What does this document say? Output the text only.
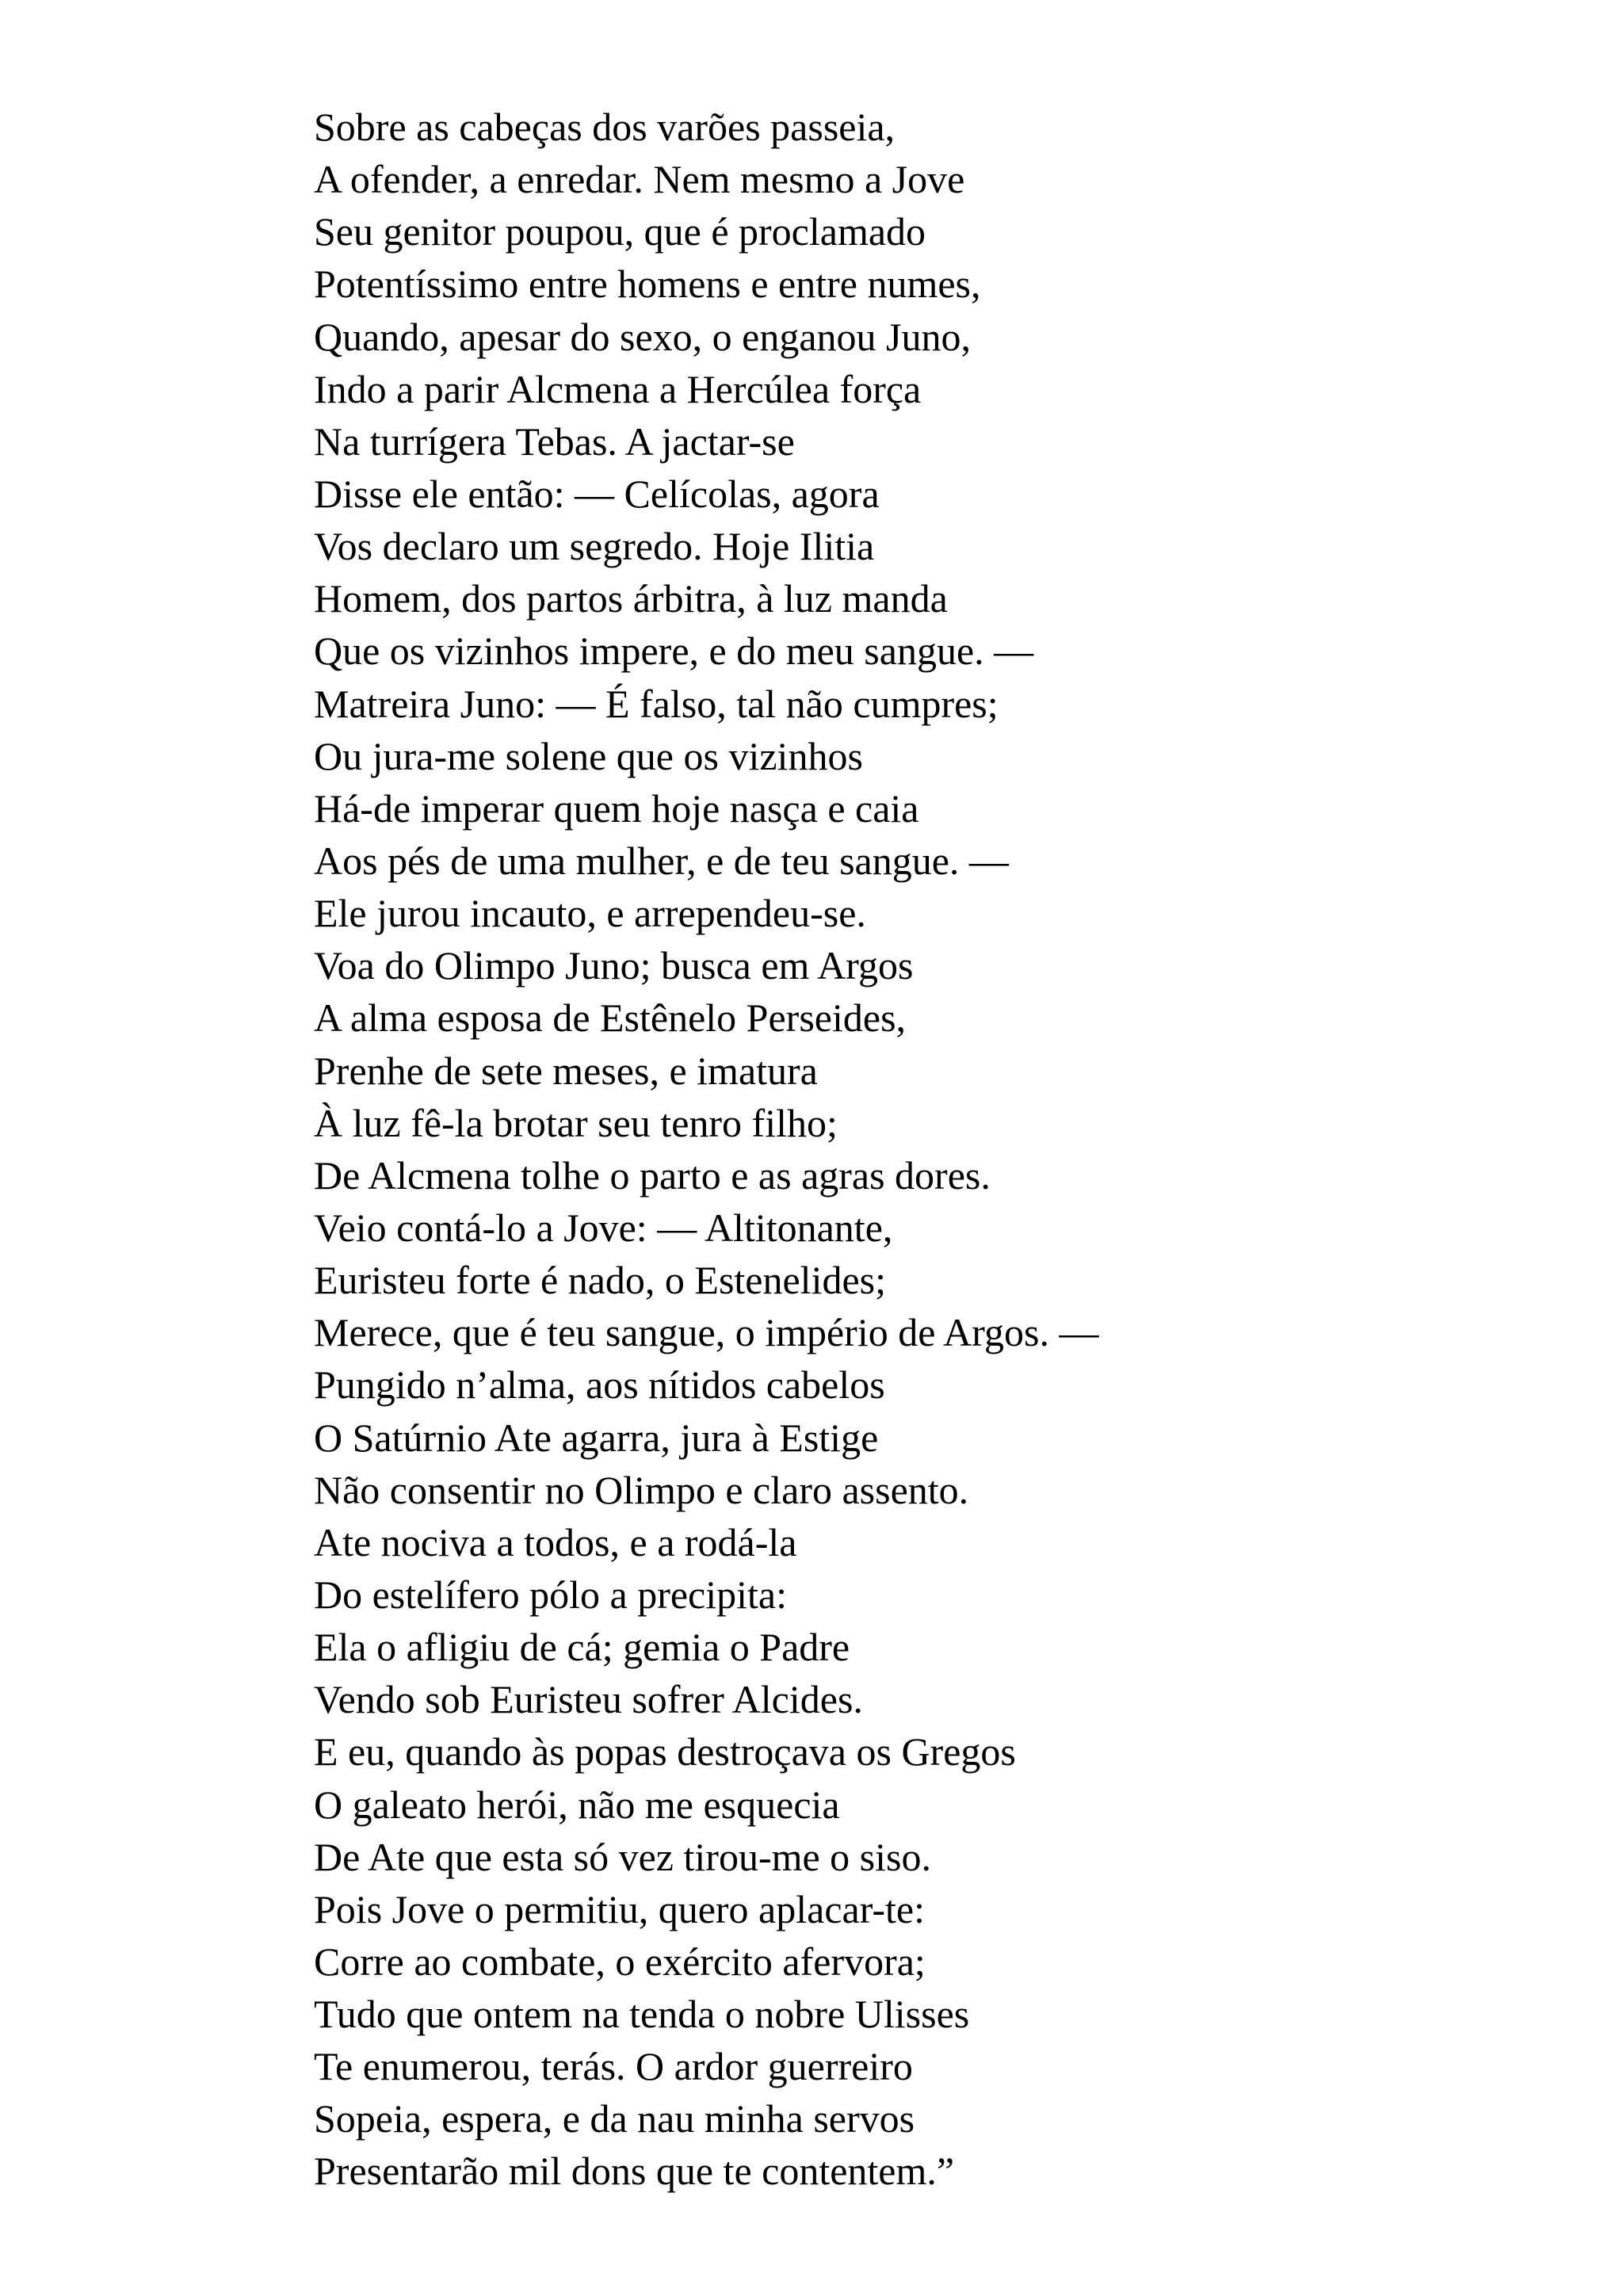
Sobre as cabeças dos varões passeia,
A ofender, a enredar. Nem mesmo a Jove
Seu genitor poupou, que é proclamado
Potentíssimo entre homens e entre numes,
Quando, apesar do sexo, o enganou Juno,
Indo a parir Alcmena a Hercúlea força
Na turrígera Tebas. A jactar-se
Disse ele então: — Celícolas, agora
Vos declaro um segredo. Hoje Ilitia
Homem, dos partos árbitra, à luz manda
Que os vizinhos impere, e do meu sangue. —
Matreira Juno: — É falso, tal não cumpres;
Ou jura-me solene que os vizinhos
Há-de imperar quem hoje nasça e caia
Aos pés de uma mulher, e de teu sangue. —
Ele jurou incauto, e arrependeu-se.
Voa do Olimpo Juno; busca em Argos
A alma esposa de Estênelo Perseides,
Prenhe de sete meses, e imatura
À luz fê-la brotar seu tenro filho;
De Alcmena tolhe o parto e as agras dores.
Veio contá-lo a Jove: — Altitonante,
Euristeu forte é nado, o Estenelides;
Merece, que é teu sangue, o império de Argos. —
Pungido n’alma, aos nítidos cabelos
O Satúrnio Ate agarra, jura à Estige
Não consentir no Olimpo e claro assento.
Ate nociva a todos, e a rodá-la
Do estelífero pólo a precipita:
Ela o afligiu de cá; gemia o Padre
Vendo sob Euristeu sofrer Alcides.
E eu, quando às popas destroçava os Gregos
O galeato herói, não me esquecia
De Ate que esta só vez tirou-me o siso.
Pois Jove o permitiu, quero aplacar-te:
Corre ao combate, o exército afervora;
Tudo que ontem na tenda o nobre Ulisses
Te enumerou, terás. O ardor guerreiro
Sopeia, espera, e da nau minha servos
Presentarão mil dons que te contentem.”
